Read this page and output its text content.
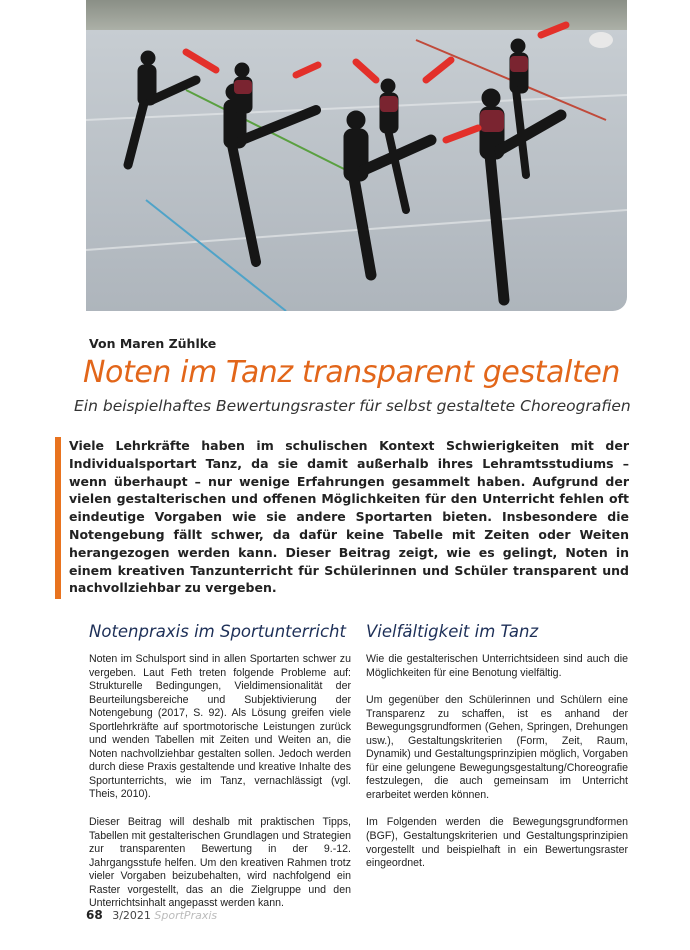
Von Maren Zühlke
Noten im Tanz transparent gestalten
Ein beispielhaftes Bewertungsraster für selbst gestaltete Choreografien

Viele Lehrkräfte haben im schulischen Kontext Schwierigkeiten mit der Individualsportart Tanz, da sie damit außerhalb ihres Lehramtsstudiums – wenn überhaupt – nur wenige Erfahrungen gesammelt haben. Aufgrund der vielen gestalterischen und offenen Möglichkeiten für den Unterricht fehlen oft eindeutige Vorgaben wie sie andere Sportarten bieten. Insbesondere die Notengebung fällt schwer, da dafür keine Tabelle mit Zeiten oder Weiten herangezogen werden kann. Dieser Beitrag zeigt, wie es gelingt, Noten in einem kreativen Tanzunterricht für Schülerinnen und Schüler transparent und nachvollziehbar zu vergeben.

Notenpraxis im Sportunterricht

Noten im Schulsport sind in allen Sportarten schwer zu vergeben. Laut Feth treten folgende Probleme auf: Strukturelle Bedingungen, Vieldimensionalität der Beurteilungsbereiche und Subjektivierung der Notengebung (2017, S. 92). Als Lösung greifen viele Sportlehrkräfte auf sportmotorische Leistungen zurück und wenden Tabellen mit Zeiten und Weiten an, die Noten nachvollziehbar gestalten sollen. Jedoch werden durch diese Praxis gestaltende und kreative Inhalte des Sportunterrichts, wie im Tanz, vernachlässigt (vgl. Theis, 2010).

Dieser Beitrag will deshalb mit praktischen Tipps, Tabellen mit gestalterischen Grundlagen und Strategien zur transparenten Bewertung in der 9.-12. Jahrgangsstufe helfen. Um den kreativen Rahmen trotz vieler Vorgaben beizubehalten, wird nachfolgend ein Raster vorgestellt, das an die Zielgruppe und den Unterrichtsinhalt angepasst werden kann.

Vielfältigkeit im Tanz

Wie die gestalterischen Unterrichtsideen sind auch die Möglichkeiten für eine Benotung vielfältig.

Um gegenüber den Schülerinnen und Schülern eine Transparenz zu schaffen, ist es anhand der Bewegungsgrundformen (Gehen, Springen, Drehungen usw.), Gestaltungskriterien (Form, Zeit, Raum, Dynamik) und Gestaltungsprinzipien möglich, Vorgaben für eine gelungene Bewegungsgestaltung/Choreografie festzulegen, die auch gemeinsam im Unterricht erarbeitet werden können.

Im Folgenden werden die Bewegungsgrundformen (BGF), Gestaltungskriterien und Gestaltungsprinzipien vorgestellt und beispielhaft in ein Bewertungsraster eingeordnet.

68 3/2021 SportPraxis
